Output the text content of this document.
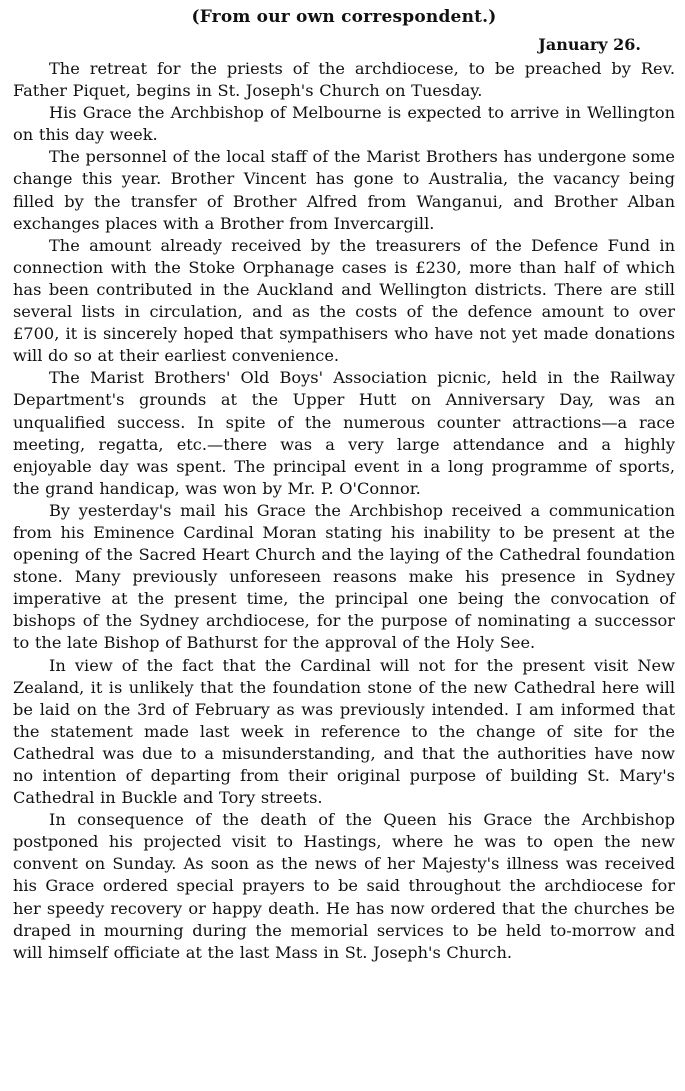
(From our own correspondent.)
January 26.

The retreat for the priests of the archdiocese, to be preached by Rev. Father Piquet, begins in St. Joseph's Church on Tuesday.

His Grace the Archbishop of Melbourne is expected to arrive in Wellington on this day week.

The personnel of the local staff of the Marist Brothers has undergone some change this year. Brother Vincent has gone to Australia, the vacancy being filled by the transfer of Brother Alfred from Wanganui, and Brother Alban exchanges places with a Brother from Invercargill.

The amount already received by the treasurers of the Defence Fund in connection with the Stoke Orphanage cases is £230, more than half of which has been contributed in the Auckland and Wellington districts. There are still several lists in circulation, and as the costs of the defence amount to over £700, it is sincerely hoped that sympathisers who have not yet made donations will do so at their earliest convenience.

The Marist Brothers' Old Boys' Association picnic, held in the Railway Department's grounds at the Upper Hutt on Anniversary Day, was an unqualified success. In spite of the numerous counter attractions—a race meeting, regatta, etc.—there was a very large attendance and a highly enjoyable day was spent. The principal event in a long programme of sports, the grand handicap, was won by Mr. P. O'Connor.

By yesterday's mail his Grace the Archbishop received a communication from his Eminence Cardinal Moran stating his inability to be present at the opening of the Sacred Heart Church and the laying of the Cathedral foundation stone. Many previously unforeseen reasons make his presence in Sydney imperative at the present time, the principal one being the convocation of bishops of the Sydney archdiocese, for the purpose of nominating a successor to the late Bishop of Bathurst for the approval of the Holy See.

In view of the fact that the Cardinal will not for the present visit New Zealand, it is unlikely that the foundation stone of the new Cathedral here will be laid on the 3rd of February as was previously intended. I am informed that the statement made last week in reference to the change of site for the Cathedral was due to a misunderstanding, and that the authorities have now no intention of departing from their original purpose of building St. Mary's Cathedral in Buckle and Tory streets.

In consequence of the death of the Queen his Grace the Archbishop postponed his projected visit to Hastings, where he was to open the new convent on Sunday. As soon as the news of her Majesty's illness was received his Grace ordered special prayers to be said throughout the archdiocese for her speedy recovery or happy death. He has now ordered that the churches be draped in mourning during the memorial services to be held to-morrow and will himself officiate at the last Mass in St. Joseph's Church.
